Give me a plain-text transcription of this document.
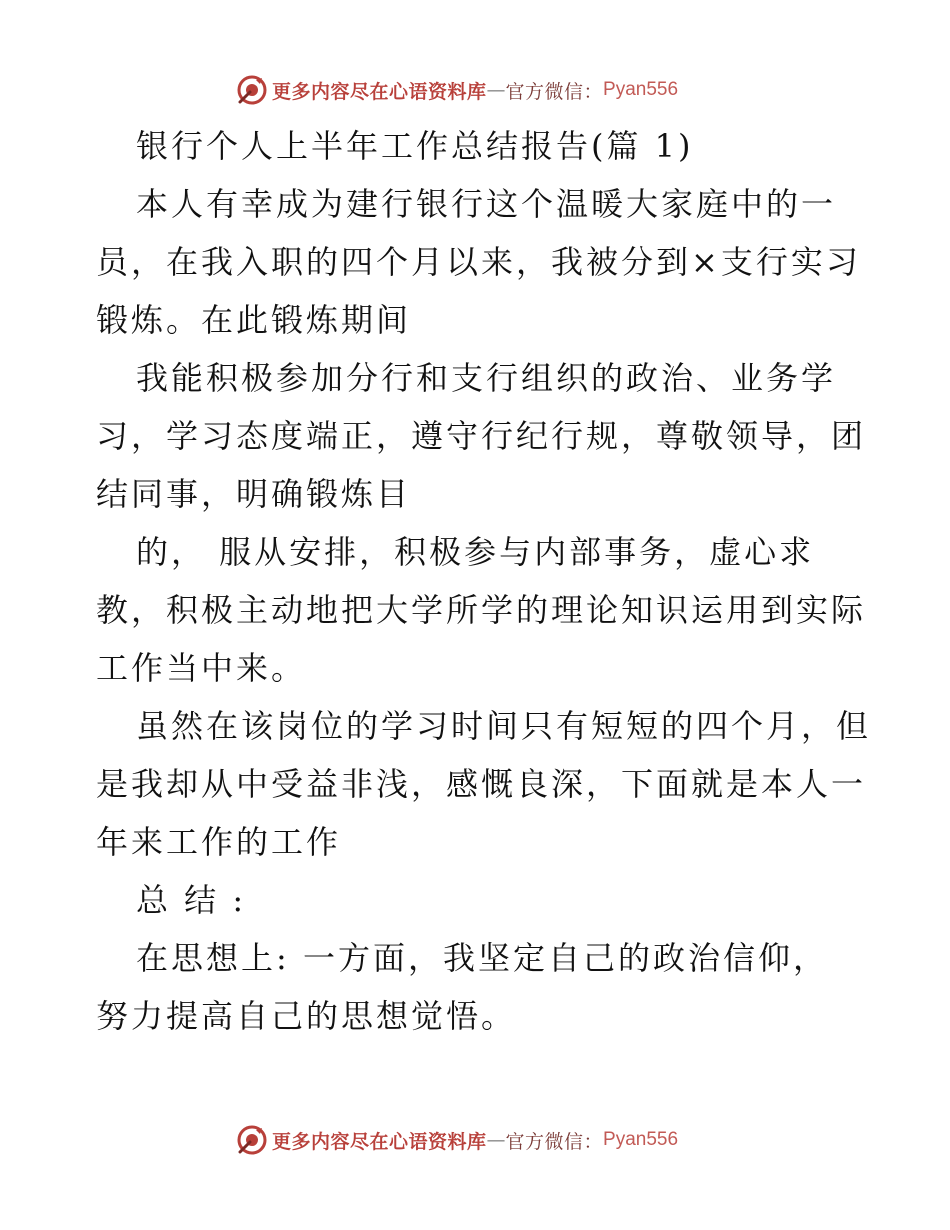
更多内容尽在心语资料库 — 官方微信： Pyan556

银行个人上半年工作总结报告(篇 1)

本人有幸成为建行银行这个温暖大家庭中的一

员，在我入职的四个月以来，我被分到×支行实习

锻炼。在此锻炼期间

我能积极参加分行和支行组织的政治、业务学

习，学习态度端正，遵守行纪行规，尊敬领导，团

结同事，明确锻炼目

的， 服从安排，积极参与内部事务，虚心求

教，积极主动地把大学所学的理论知识运用到实际

工作当中来。

虽然在该岗位的学习时间只有短短的四个月，但

是我却从中受益非浅，感慨良深，下面就是本人一

年来工作的工作

总 结 :

在思想上: 一方面，我坚定自己的政治信仰，

努力提高自己的思想觉悟。

更多内容尽在心语资料库 — 官方微信： Pyan556
